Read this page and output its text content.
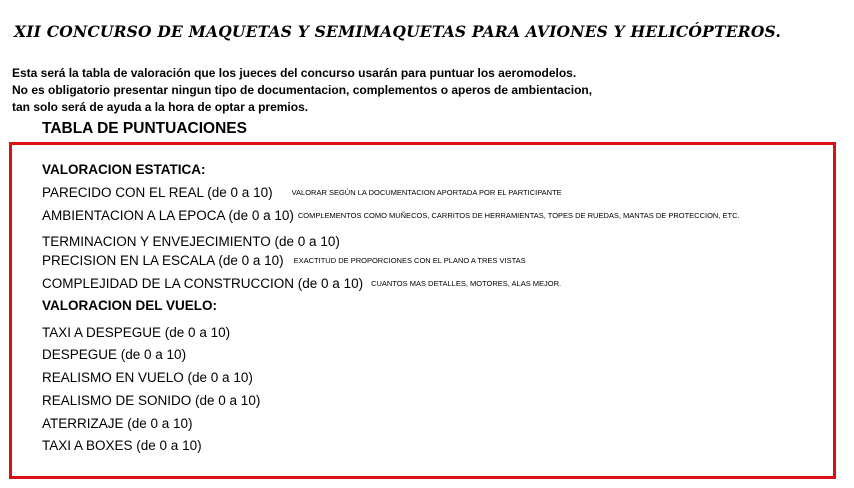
XII CONCURSO DE MAQUETAS Y SEMIMAQUETAS PARA AVIONES Y HELICÓPTEROS.
Esta será la tabla de valoración que los jueces del concurso usarán para puntuar los aeromodelos.
No es obligatorio presentar ningun tipo de documentacion, complementos o aperos de ambientacion,
tan solo será de ayuda a la hora de optar a premios.
TABLA DE PUNTUACIONES
VALORACION ESTATICA:
PARECIDO CON EL REAL (de 0 a 10)	VALORAR SEGÚN LA DOCUMENTACION APORTADA POR EL PARTICIPANTE
AMBIENTACION A LA EPOCA (de 0 a 10) COMPLEMENTOS COMO MUÑECOS, CARRITOS DE HERRAMIENTAS, TOPES DE RUEDAS, MANTAS DE PROTECCION, ETC.
TERMINACION Y ENVEJECIMIENTO (de 0 a 10)
PRECISION EN LA ESCALA (de 0 a 10) EXACTITUD DE PROPORCIONES CON EL PLANO A TRES VISTAS
COMPLEJIDAD DE LA CONSTRUCCION (de 0 a 10) CUANTOS MAS DETALLES, MOTORES, ALAS MEJOR.
VALORACION DEL VUELO:
TAXI A DESPEGUE (de 0 a 10)
DESPEGUE (de 0 a 10)
REALISMO EN VUELO (de 0 a 10)
REALISMO DE SONIDO (de 0 a 10)
ATERRIZAJE (de 0 a 10)
TAXI A BOXES (de 0 a 10)
